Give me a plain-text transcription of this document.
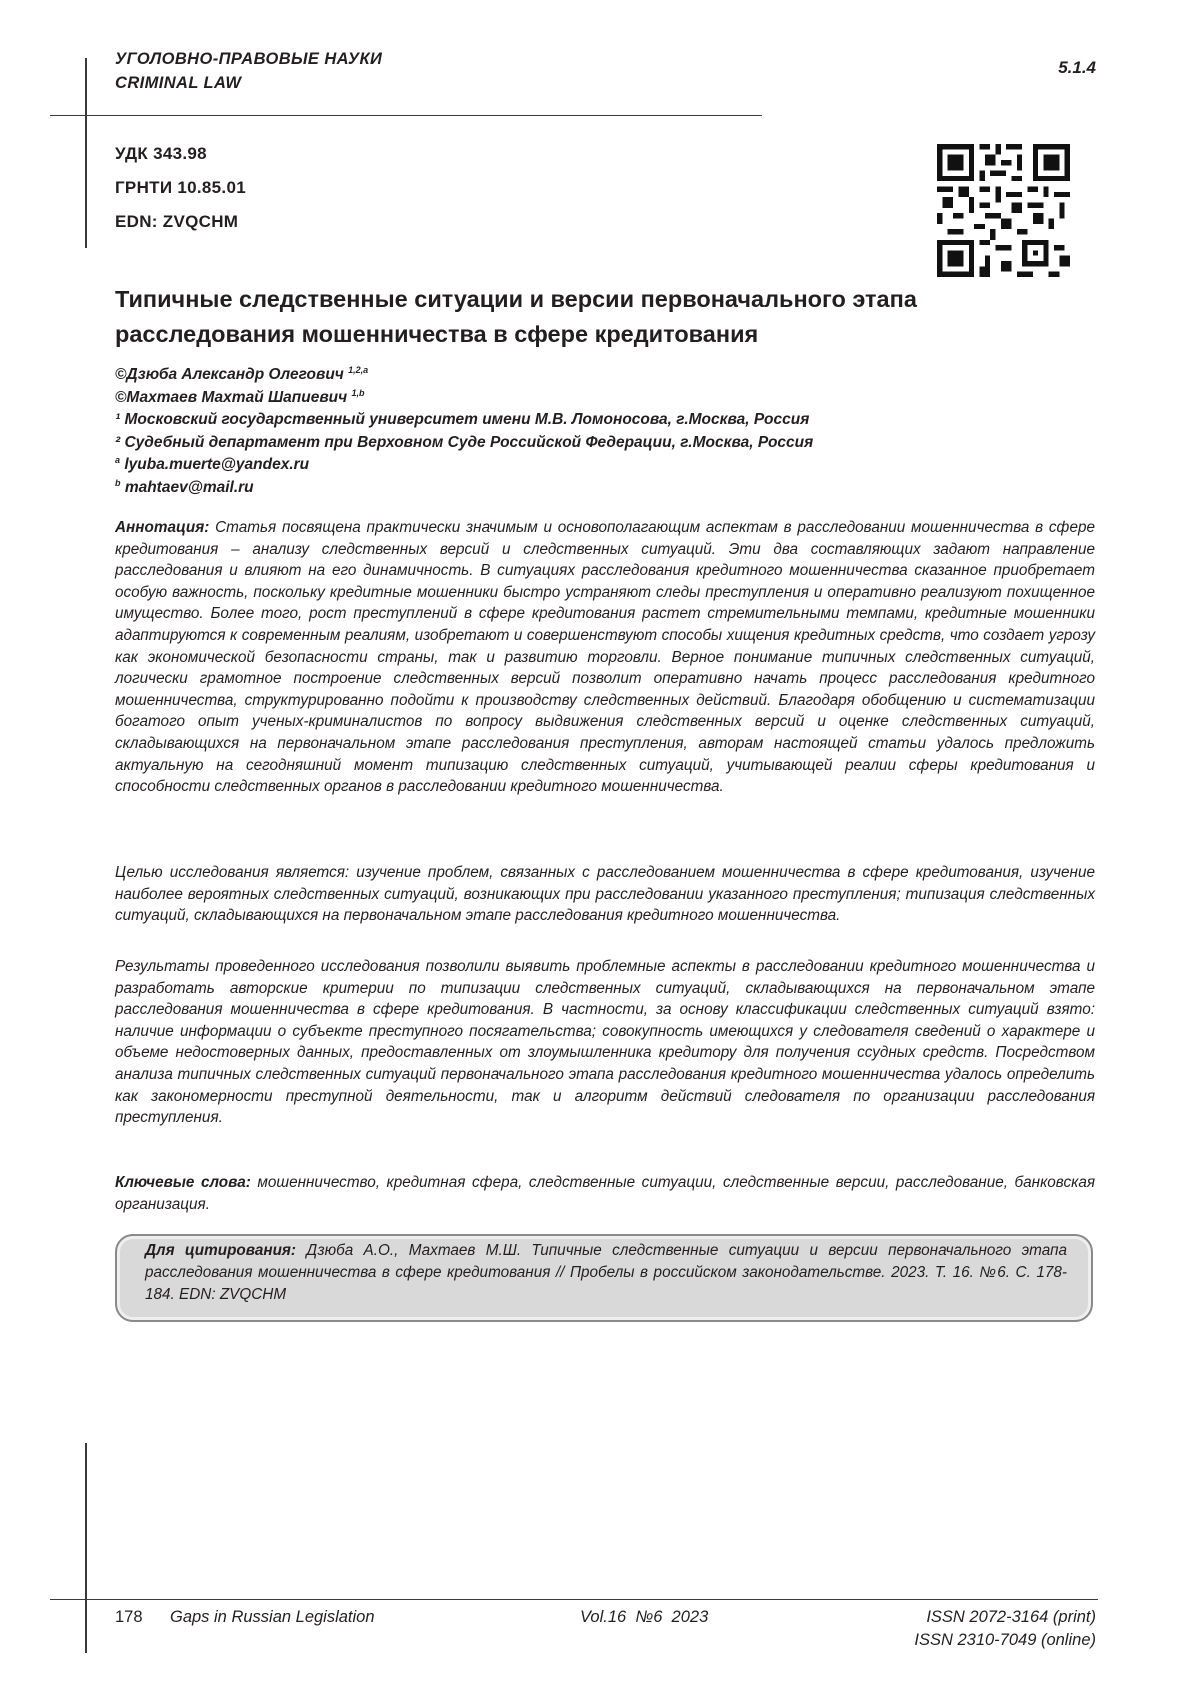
УГОЛОВНО-ПРАВОВЫЕ НАУКИ
CRIMINAL LAW
5.1.4
УДК 343.98
ГРНТИ 10.85.01
EDN: ZVQCHM
Типичные следственные ситуации и версии первоначального этапа расследования мошенничества в сфере кредитования
©Дзюба Александр Олегович 1,2,a
©Махтаев Махтай Шапиевич 1,b
¹ Московский государственный университет имени М.В. Ломоносова, г.Москва, Россия
² Судебный департамент при Верховном Суде Российской Федерации, г.Москва, Россия
a lyuba.muerte@yandex.ru
b mahtaev@mail.ru
Аннотация: Статья посвящена практически значимым и основополагающим аспектам в расследовании мошенничества в сфере кредитования – анализу следственных версий и следственных ситуаций. Эти два составляющих задают направление расследования и влияют на его динамичность. В ситуациях расследования кредитного мошенничества сказанное приобретает особую важность, поскольку кредитные мошенники быстро устраняют следы преступления и оперативно реализуют похищенное имущество. Более того, рост преступлений в сфере кредитования растет стремительными темпами, кредитные мошенники адаптируются к современным реалиям, изобретают и совершенствуют способы хищения кредитных средств, что создает угрозу как экономической безопасности страны, так и развитию торговли. Верное понимание типичных следственных ситуаций, логически грамотное построение следственных версий позволит оперативно начать процесс расследования кредитного мошенничества, структурированно подойти к производству следственных действий. Благодаря обобщению и систематизации богатого опыт ученых-криминалистов по вопросу выдвижения следственных версий и оценке следственных ситуаций, складывающихся на первоначальном этапе расследования преступления, авторам настоящей статьи удалось предложить актуальную на сегодняшний момент типизацию следственных ситуаций, учитывающей реалии сферы кредитования и способности следственных органов в расследовании кредитного мошенничества.
Целью исследования является: изучение проблем, связанных с расследованием мошенничества в сфере кредитования, изучение наиболее вероятных следственных ситуаций, возникающих при расследовании указанного преступления; типизация следственных ситуаций, складывающихся на первоначальном этапе расследования кредитного мошенничества.
Результаты проведенного исследования позволили выявить проблемные аспекты в расследовании кредитного мошенничества и разработать авторские критерии по типизации следственных ситуаций, складывающихся на первоначальном этапе расследования мошенничества в сфере кредитования. В частности, за основу классификации следственных ситуаций взято: наличие информации о субъекте преступного посягательства; совокупность имеющихся у следователя сведений о характере и объеме недостоверных данных, предоставленных от злоумышленника кредитору для получения ссудных средств. Посредством анализа типичных следственных ситуаций первоначального этапа расследования кредитного мошенничества удалось определить как закономерности преступной деятельности, так и алгоритм действий следователя по организации расследования преступления.
Ключевые слова: мошенничество, кредитная сфера, следственные ситуации, следственные версии, расследование, банковская организация.
Для цитирования: Дзюба А.О., Махтаев М.Ш. Типичные следственные ситуации и версии первоначального этапа расследования мошенничества в сфере кредитования // Пробелы в российском законодательстве. 2023. Т. 16. №6. С. 178-184. EDN: ZVQCHM
178 Gaps in Russian Legislation	Vol.16  №6  2023	ISSN 2072-3164 (print)
ISSN 2310-7049 (online)
